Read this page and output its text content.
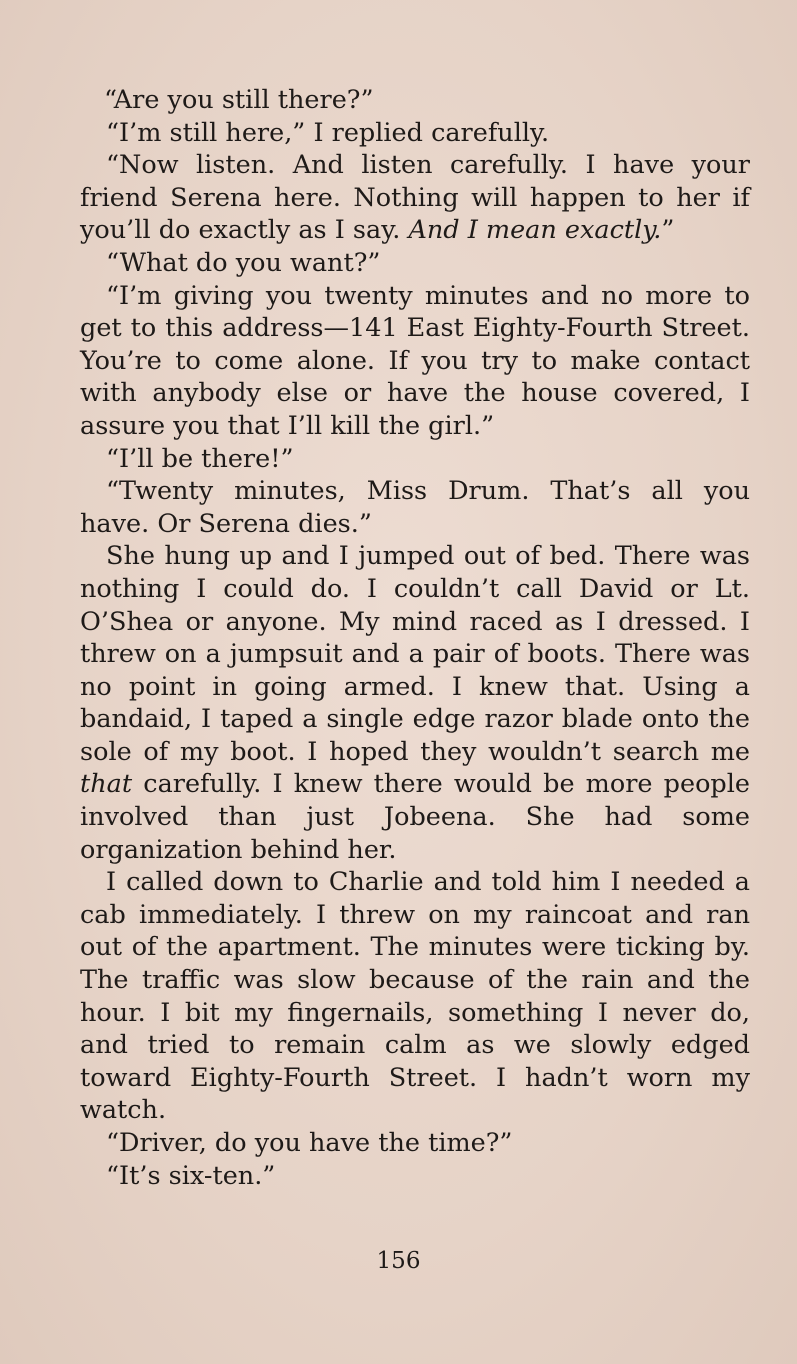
“Are you still there?”

“I’m still here,” I replied carefully.

“Now listen. And listen carefully. I have your friend Serena here. Nothing will happen to her if you’ll do exactly as I say. And I mean exactly.”

“What do you want?”

“I’m giving you twenty minutes and no more to get to this address—141 East Eighty-Fourth Street. You’re to come alone. If you try to make contact with anybody else or have the house covered, I assure you that I’ll kill the girl.”

“I’ll be there!”

“Twenty minutes, Miss Drum. That’s all you have. Or Serena dies.”

She hung up and I jumped out of bed. There was nothing I could do. I couldn’t call David or Lt. O’Shea or anyone. My mind raced as I dressed. I threw on a jumpsuit and a pair of boots. There was no point in going armed. I knew that. Using a bandaid, I taped a single edge razor blade onto the sole of my boot. I hoped they wouldn’t search me that carefully. I knew there would be more people involved than just Jobeena. She had some organization behind her.

I called down to Charlie and told him I needed a cab immediately. I threw on my raincoat and ran out of the apartment. The minutes were ticking by. The traffic was slow because of the rain and the hour. I bit my fingernails, something I never do, and tried to remain calm as we slowly edged toward Eighty-Fourth Street. I hadn’t worn my watch.

“Driver, do you have the time?”

“It’s six-ten.”

156
